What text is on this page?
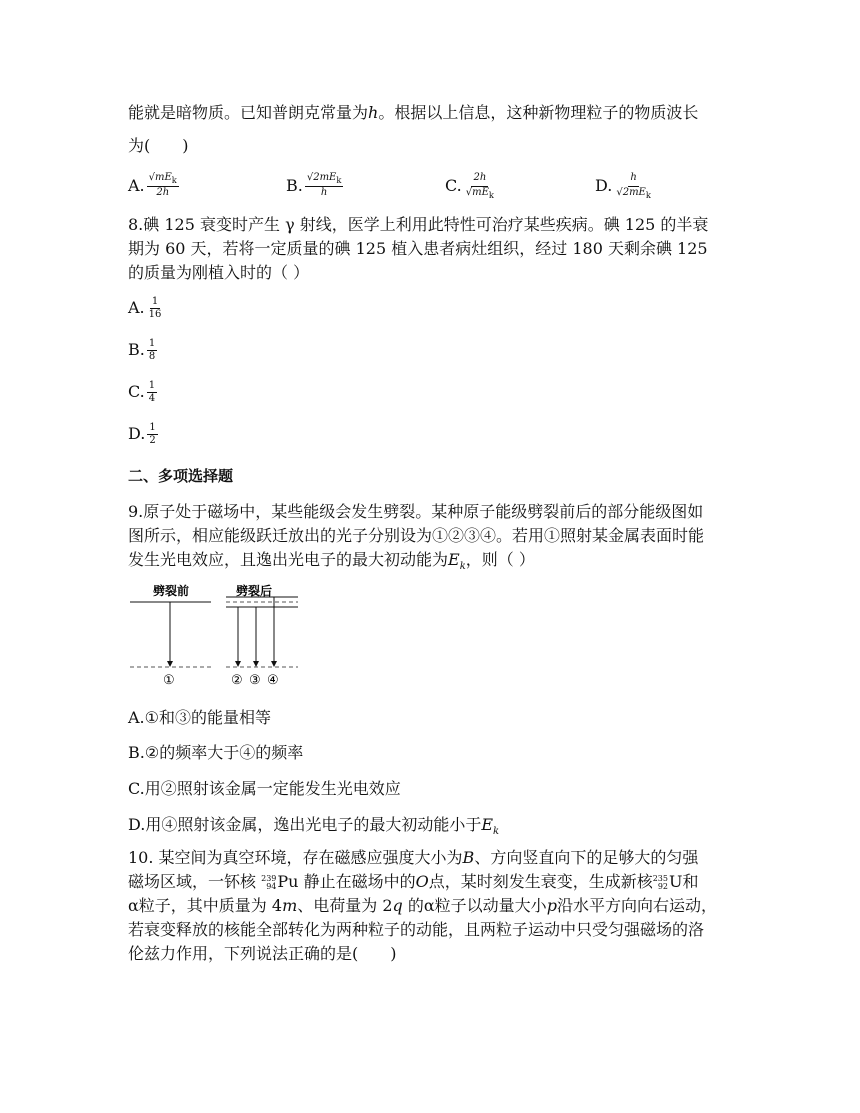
能就是暗物质。已知普朗克常量为h。根据以上信息，这种新物理粒子的物质波长
为(　　)
A. $\frac{√mE_k}{2h}$	B. $\frac{√2mE_k}{h}$	C. $\frac{2h}{√mE_k}$	D. $\frac{h}{√2mE_k}$
8.碘 125 衰变时产生 γ 射线，医学上利用此特性可治疗某些疾病。碘 125 的半衰
期为 60 天，若将一定质量的碘 125 植入患者病灶组织，经过 180 天剩余碘 125
的质量为刚植入时的（ ）
A. $\frac{1}{16}$
B. $\frac{1}{8}$
C. $\frac{1}{4}$
D. $\frac{1}{2}$
二、多项选择题
9.原子处于磁场中，某些能级会发生劈裂。某种原子能级劈裂前后的部分能级图如
图所示，相应能级跃迁放出的光子分别设为①②③④。若用①照射某金属表面时能
发生光电效应，且逸出光电子的最大初动能为$E_k$，则（ ）
劈裂前	劈裂后
①	② ③ ④
A.①和③的能量相等
B.②的频率大于④的频率
C.用②照射该金属一定能发生光电效应
D.用④照射该金属，逸出光电子的最大初动能小于$E_k$
10. 某空间为真空环境，存在磁感应强度大小为B、方向竖直向下的足够大的匀强
磁场区域，一钚核 239
94 Pu 静止在磁场中的O点，某时刻发生衰变，生成新核 235
92 U和
α粒子，其中质量为 4m、电荷量为 2q 的α粒子以动量大小p沿水平方向向右运动，
若衰变释放的核能全部转化为两种粒子的动能，且两粒子运动中只受匀强磁场的洛
伦兹力作用，下列说法正确的是(　　)
